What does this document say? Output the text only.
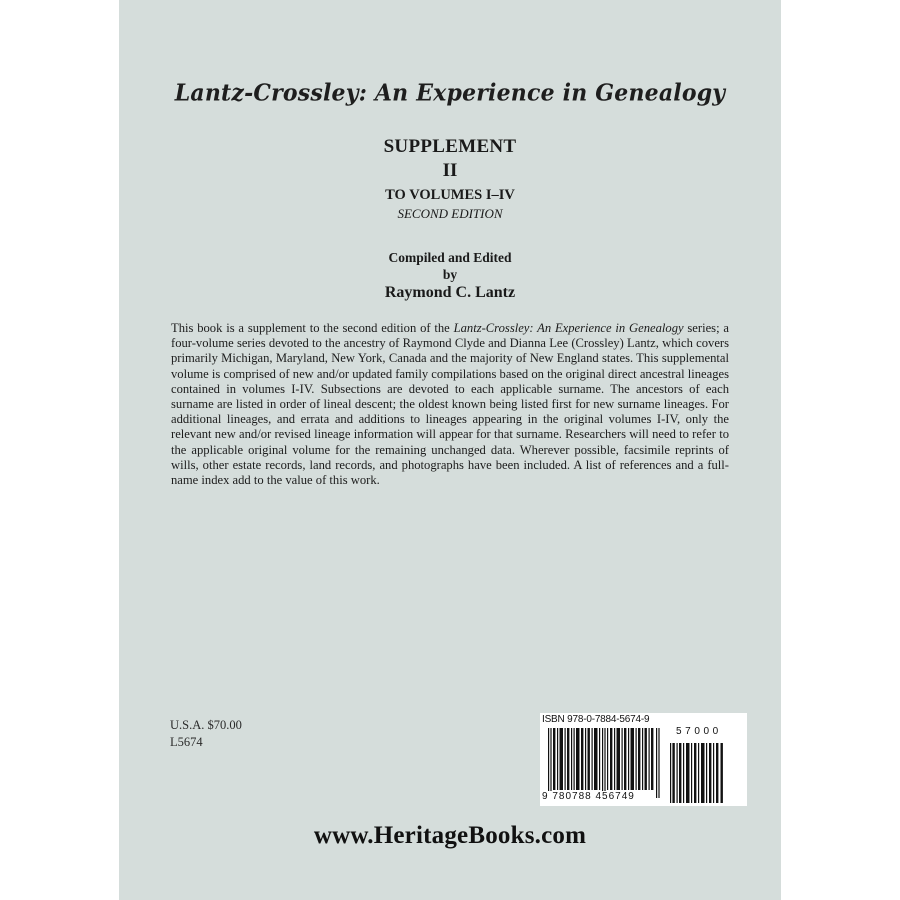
Lantz-Crossley: An Experience in Genealogy
SUPPLEMENT
II
TO VOLUMES I–IV
SECOND EDITION
Compiled and Edited
by
Raymond C. Lantz
This book is a supplement to the second edition of the Lantz-Crossley: An Experience in Genealogy series; a four-volume series devoted to the ancestry of Raymond Clyde and Dianna Lee (Crossley) Lantz, which covers primarily Michigan, Maryland, New York, Canada and the majority of New England states. This supplemental volume is comprised of new and/or updated family compilations based on the original direct ancestral lineages contained in volumes I-IV. Subsections are devoted to each applicable surname. The ancestors of each surname are listed in order of lineal descent; the oldest known being listed first for new surname lineages. For additional lineages, and errata and additions to lineages appearing in the original volumes I-IV, only the relevant new and/or revised lineage information will appear for that surname. Researchers will need to refer to the applicable original volume for the remaining unchanged data. Wherever possible, facsimile reprints of wills, other estate records, land records, and photographs have been included. A list of references and a full-name index add to the value of this work.
U.S.A. $70.00
L5674
ISBN 978-0-7884-5674-9
9 780788 456749
57000
www.HeritageBooks.com
